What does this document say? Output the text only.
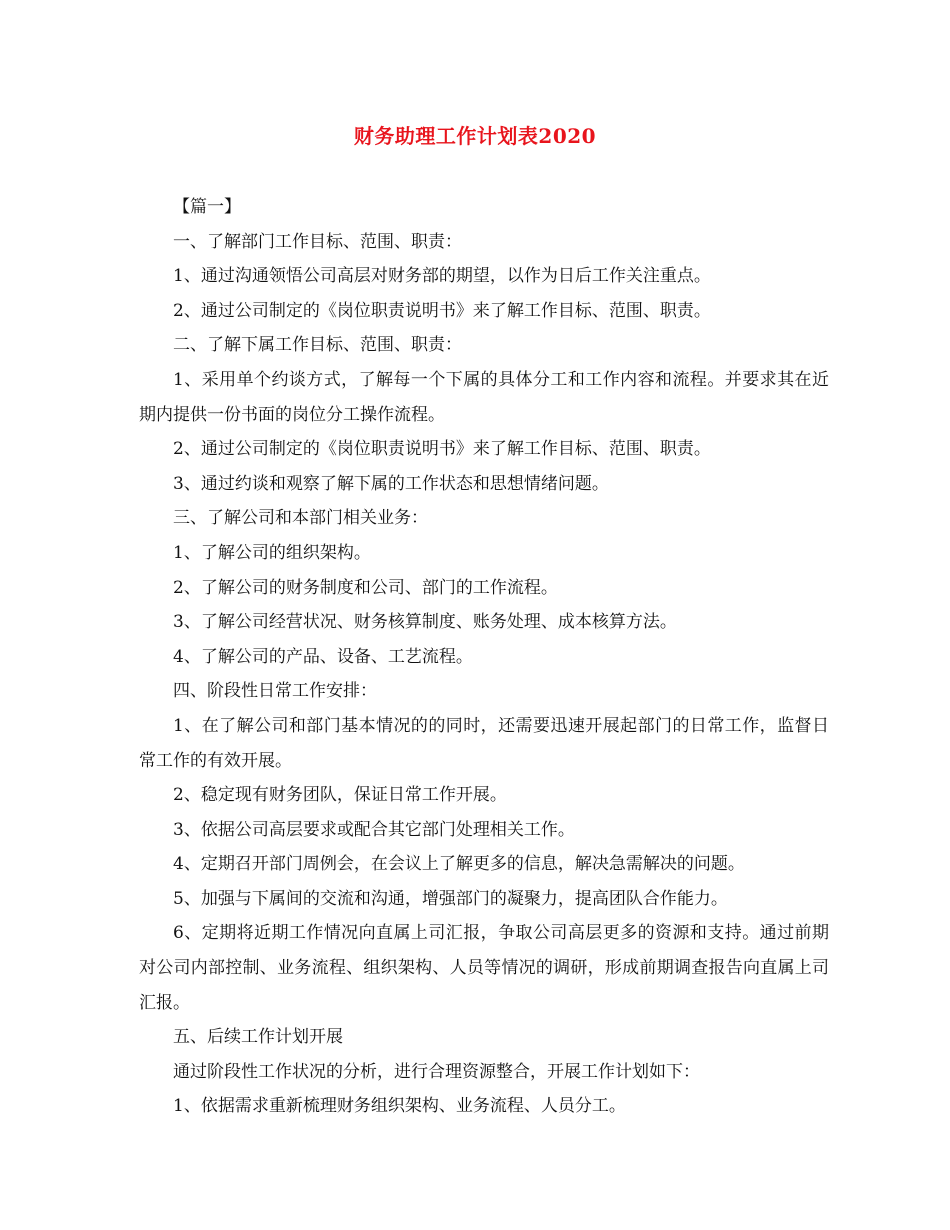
财务助理工作计划表2020

【篇一】

一、了解部门工作目标、范围、职责：

1、通过沟通领悟公司高层对财务部的期望，以作为日后工作关注重点。

2、通过公司制定的《岗位职责说明书》来了解工作目标、范围、职责。

二、了解下属工作目标、范围、职责：

1、采用单个约谈方式，了解每一个下属的具体分工和工作内容和流程。并要求其在近期内提供一份书面的岗位分工操作流程。

2、通过公司制定的《岗位职责说明书》来了解工作目标、范围、职责。

3、通过约谈和观察了解下属的工作状态和思想情绪问题。

三、了解公司和本部门相关业务：

1、了解公司的组织架构。

2、了解公司的财务制度和公司、部门的工作流程。

3、了解公司经营状况、财务核算制度、账务处理、成本核算方法。

4、了解公司的产品、设备、工艺流程。

四、阶段性日常工作安排：

1、在了解公司和部门基本情况的的同时，还需要迅速开展起部门的日常工作，监督日常工作的有效开展。

2、稳定现有财务团队，保证日常工作开展。

3、依据公司高层要求或配合其它部门处理相关工作。

4、定期召开部门周例会，在会议上了解更多的信息，解决急需解决的问题。

5、加强与下属间的交流和沟通，增强部门的凝聚力，提高团队合作能力。

6、定期将近期工作情况向直属上司汇报，争取公司高层更多的资源和支持。通过前期对公司内部控制、业务流程、组织架构、人员等情况的调研，形成前期调查报告向直属上司汇报。

五、后续工作计划开展

通过阶段性工作状况的分析，进行合理资源整合，开展工作计划如下：

1、依据需求重新梳理财务组织架构、业务流程、人员分工。
